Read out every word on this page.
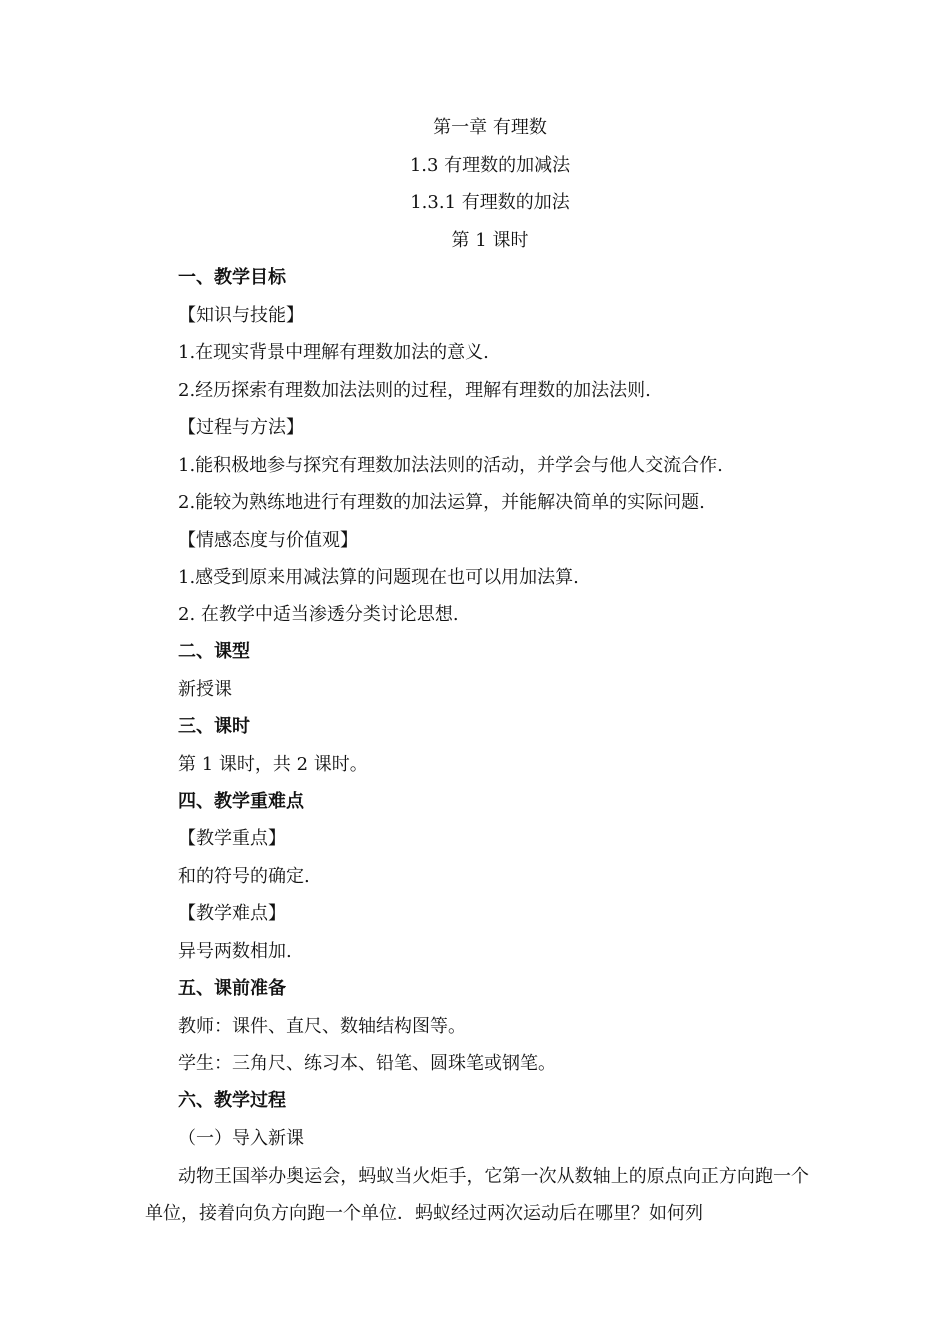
第一章 有理数

1.3 有理数的加减法

1.3.1 有理数的加法

第 1 课时

一、教学目标

【知识与技能】

1.在现实背景中理解有理数加法的意义.

2.经历探索有理数加法法则的过程，理解有理数的加法法则.

【过程与方法】

1.能积极地参与探究有理数加法法则的活动，并学会与他人交流合作.

2.能较为熟练地进行有理数的加法运算，并能解决简单的实际问题.

【情感态度与价值观】

1.感受到原来用减法算的问题现在也可以用加法算.

2. 在教学中适当渗透分类讨论思想.

二、课型

新授课

三、课时

第 1 课时，共 2 课时。

四、教学重难点

【教学重点】

和的符号的确定.

【教学难点】

异号两数相加.

五、课前准备

教师：课件、直尺、数轴结构图等。

学生：三角尺、练习本、铅笔、圆珠笔或钢笔。

六、教学过程

（一）导入新课

动物王国举办奥运会，蚂蚁当火炬手，它第一次从数轴上的原点向正方向跑一个单位，接着向负方向跑一个单位．蚂蚁经过两次运动后在哪里？如何列
